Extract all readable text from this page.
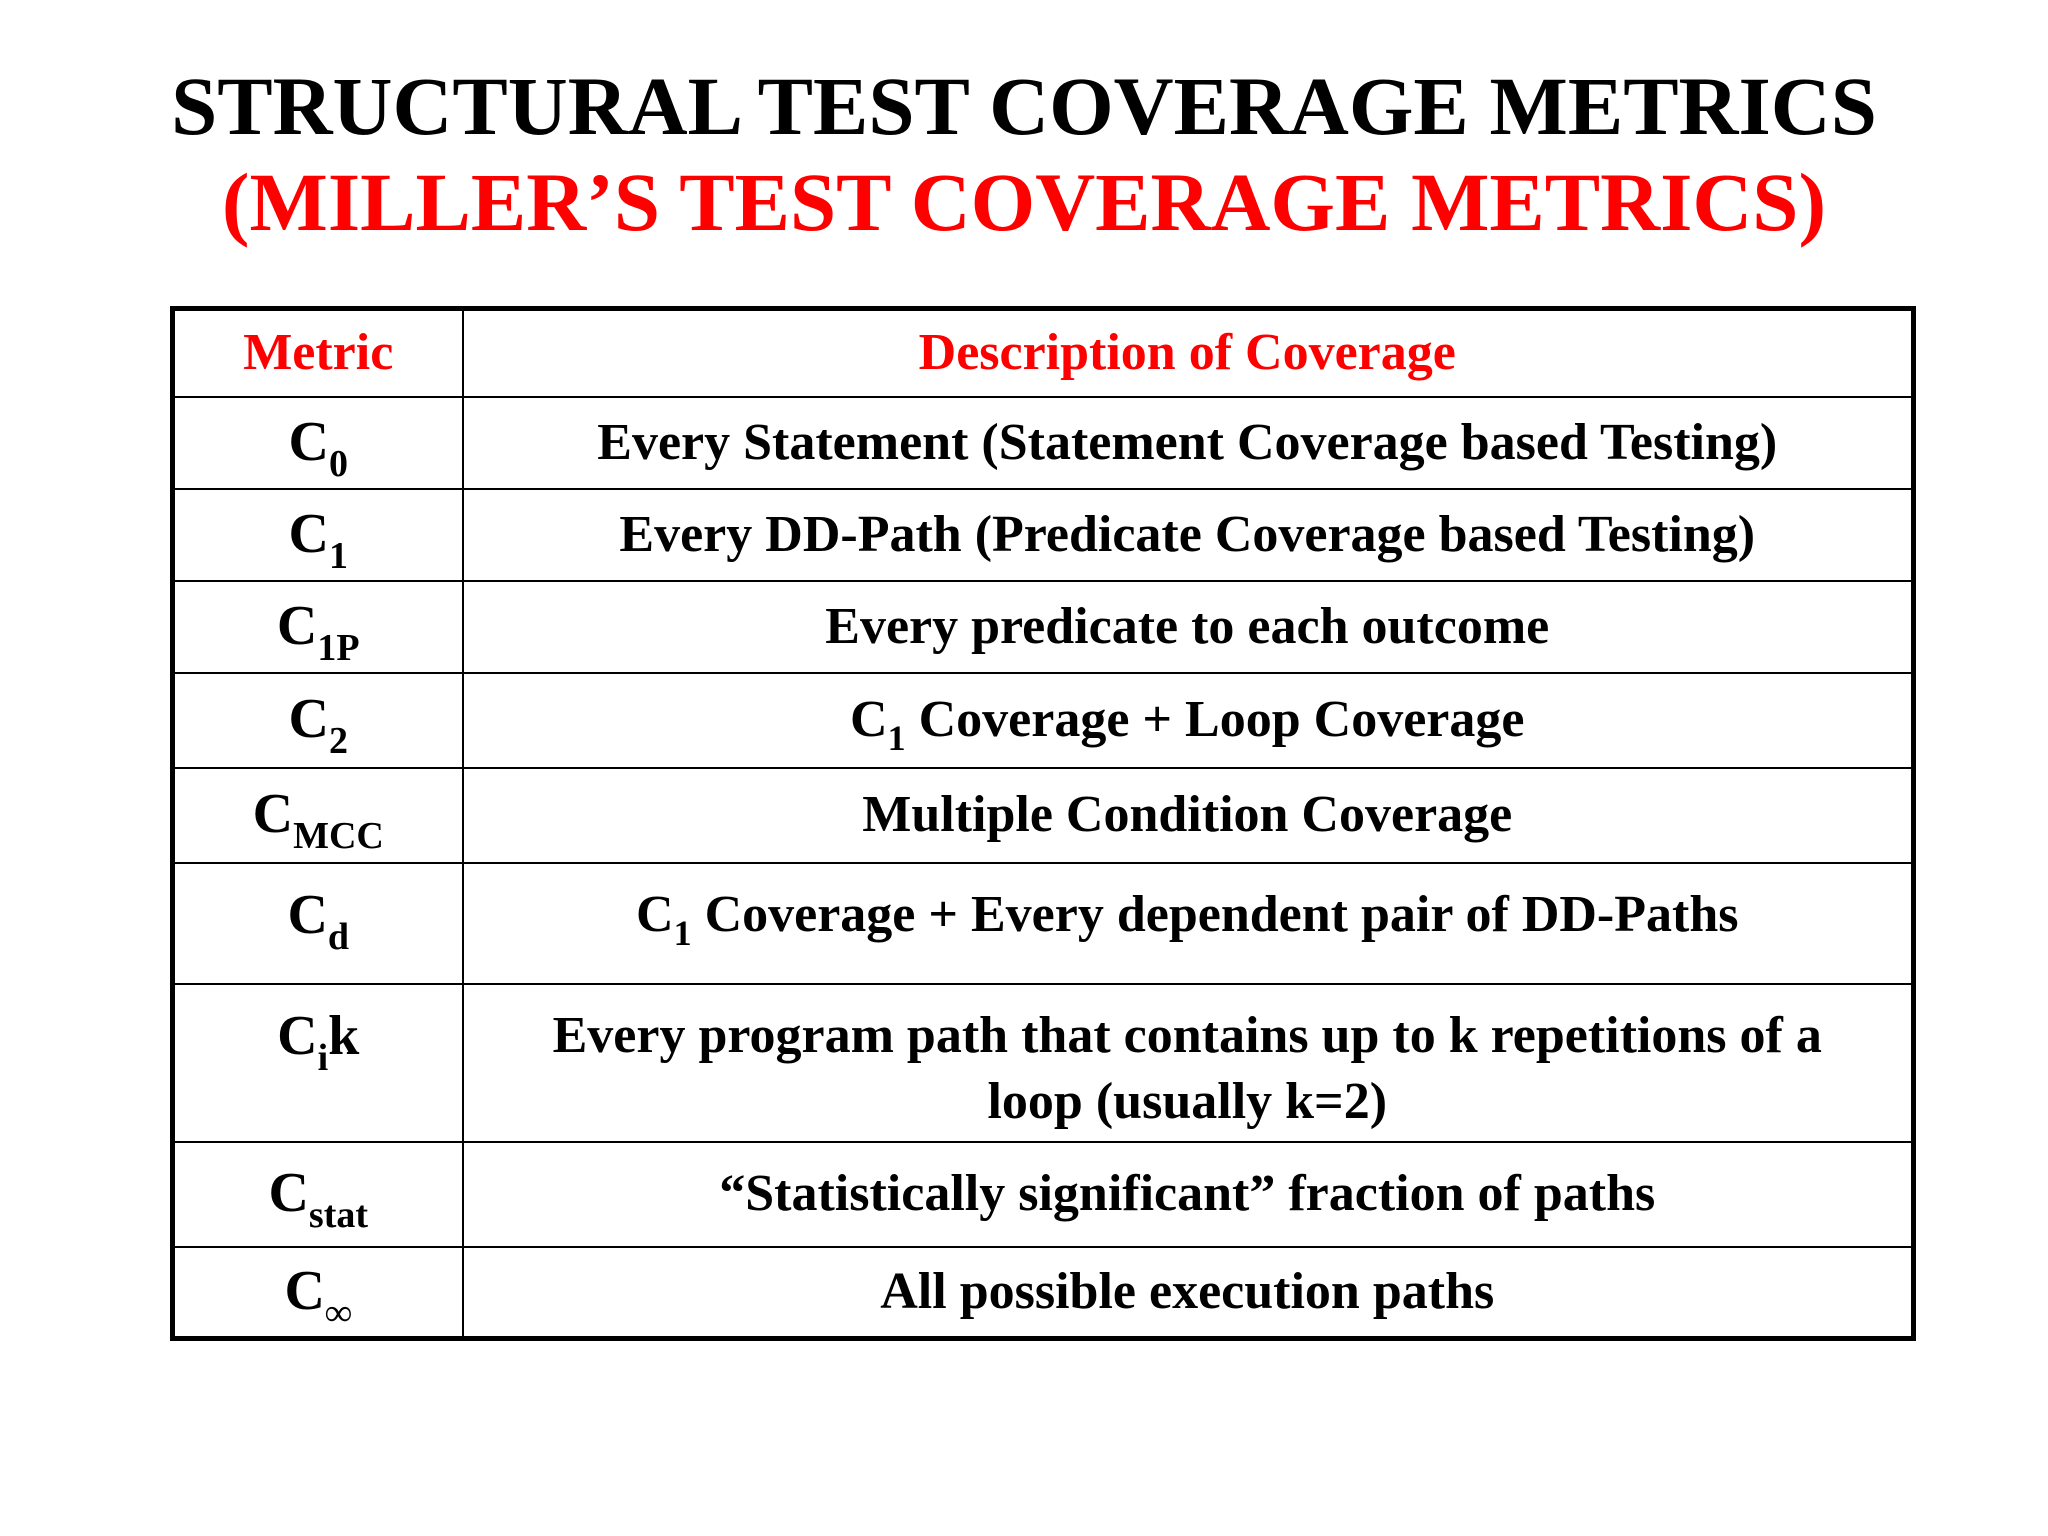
STRUCTURAL TEST COVERAGE METRICS
(MILLER’S TEST COVERAGE METRICS)
Metric	Description of Coverage
$C_0$	Every Statement (Statement Coverage based Testing)
$C_1$	Every DD-Path (Predicate Coverage based Testing)
$C_{1P}$	Every predicate to each outcome
$C_2$	$C_1$ Coverage + Loop Coverage
$C_{MCC}$	Multiple Condition Coverage
$C_d$	$C_1$ Coverage + Every dependent pair of DD-Paths
$C_ik$	Every program path that contains up to k repetitions of a
loop (usually k=2)
$C_{stat}$	“Statistically significant” fraction of paths
$C_\infty$	All possible execution paths
